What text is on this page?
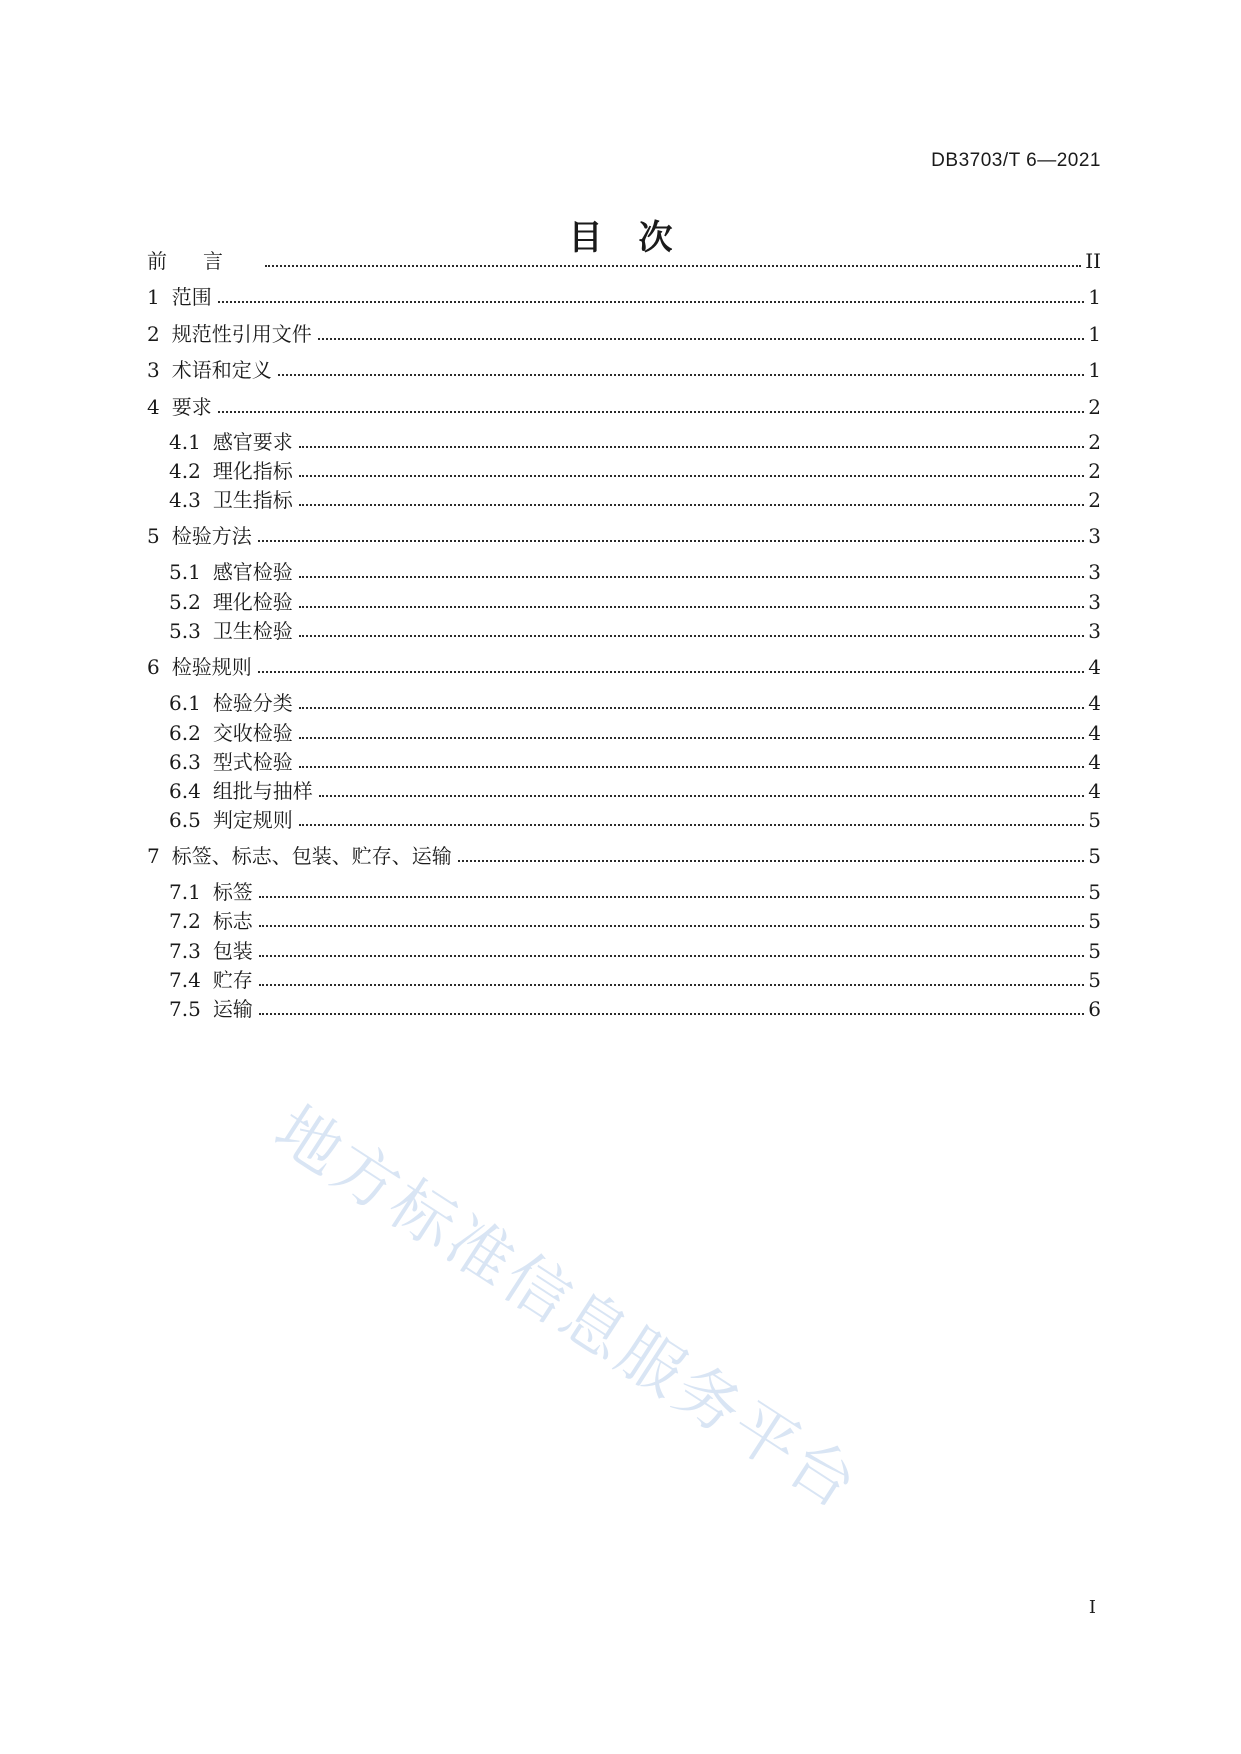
DB3703/T 6—2021
目次
前言	II
1 范围	1
2 规范性引用文件	1
3 术语和定义	1
4 要求	2
4.1 感官要求	2
4.2 理化指标	2
4.3 卫生指标	2
5 检验方法	3
5.1 感官检验	3
5.2 理化检验	3
5.3 卫生检验	3
6 检验规则	4
6.1 检验分类	4
6.2 交收检验	4
6.3 型式检验	4
6.4 组批与抽样	4
6.5 判定规则	5
7 标签、标志、包装、贮存、运输	5
7.1 标签	5
7.2 标志	5
7.3 包装	5
7.4 贮存	5
7.5 运输	6
地方标准信息服务平台
I
